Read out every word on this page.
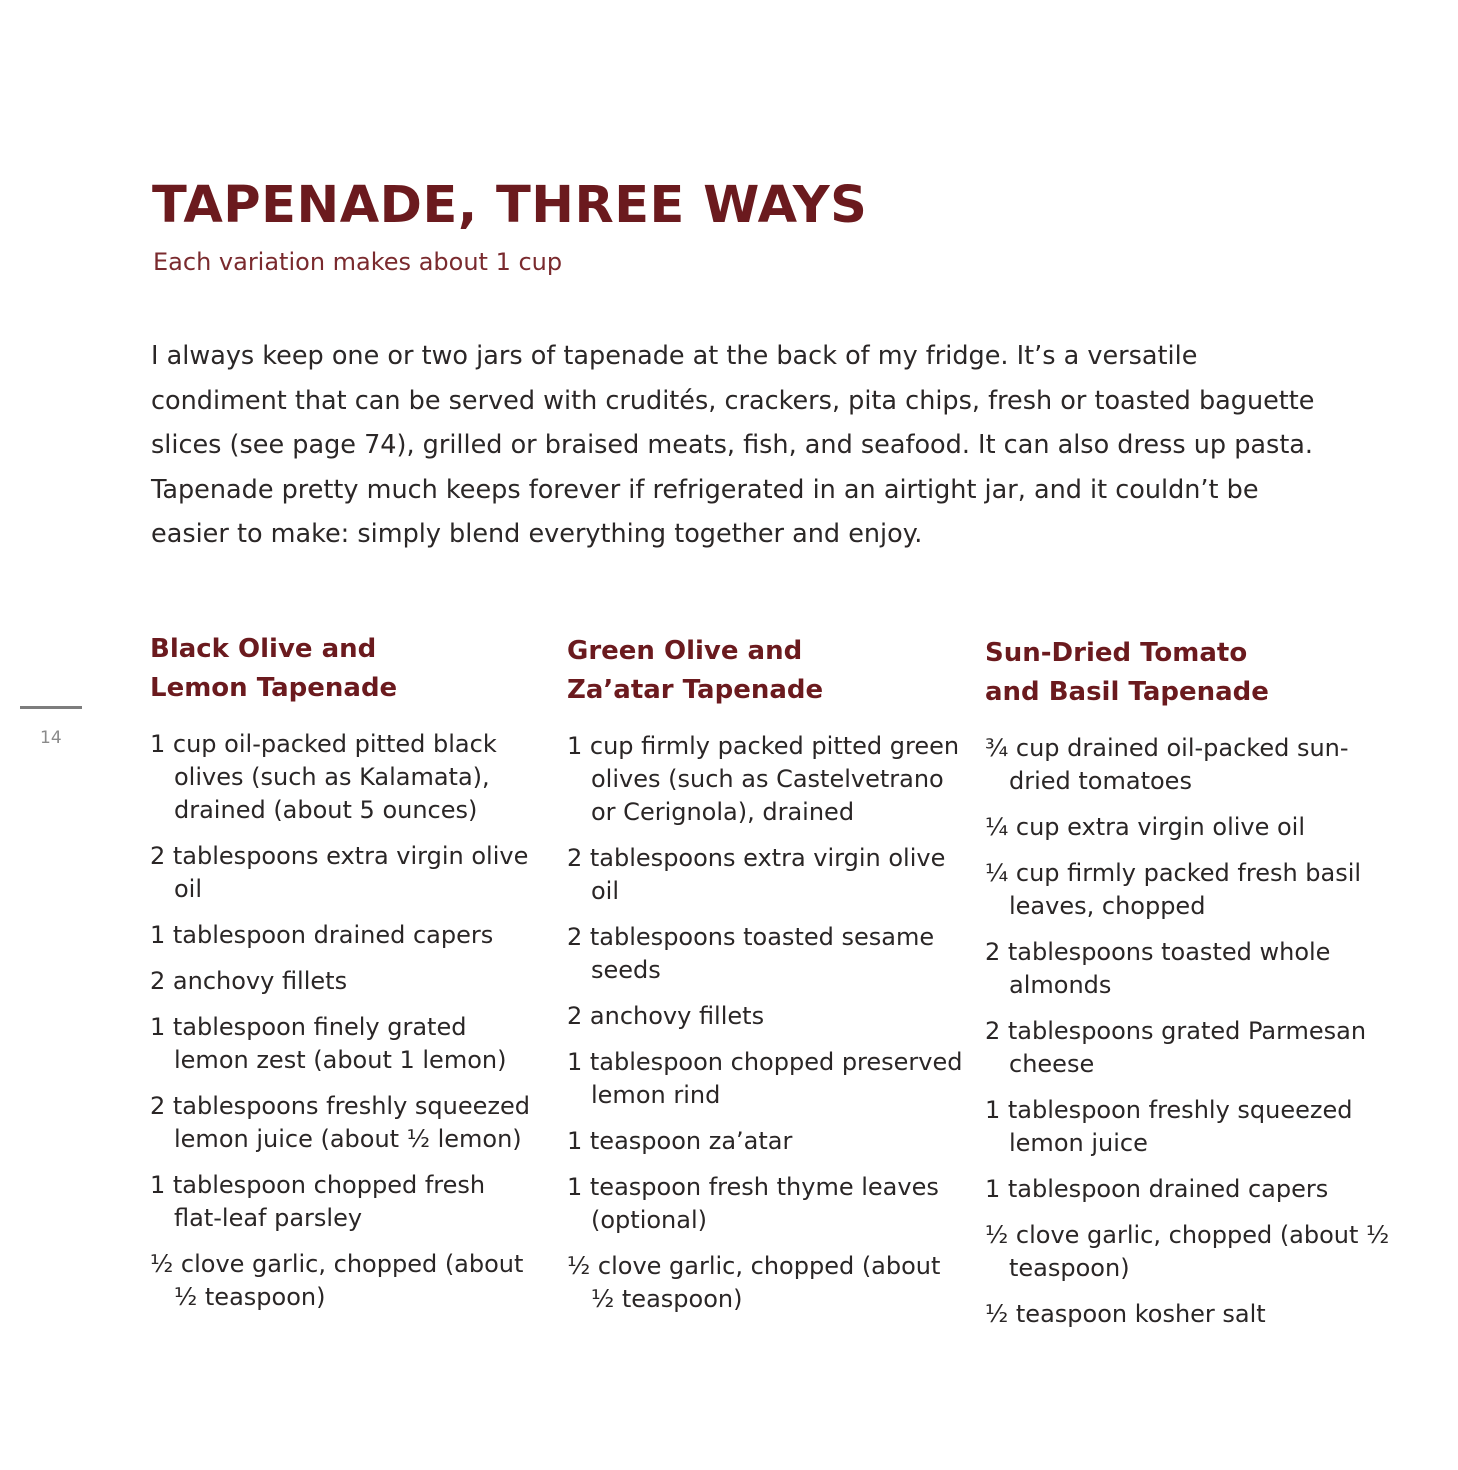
TAPENADE, THREE WAYS
Each variation makes about 1 cup

I always keep one or two jars of tapenade at the back of my fridge. It’s a versatile condiment that can be served with crudités, crackers, pita chips, fresh or toasted baguette slices (see page 74), grilled or braised meats, fish, and seafood. It can also dress up pasta. Tapenade pretty much keeps forever if refrigerated in an airtight jar, and it couldn’t be easier to make: simply blend everything together and enjoy.

14
Black Olive and
Lemon Tapenade
1 cup oil-packed pitted black olives (such as Kalamata), drained (about 5 ounces)
2 tablespoons extra virgin olive oil
1 tablespoon drained capers
2 anchovy fillets
1 tablespoon finely grated lemon zest (about 1 lemon)
2 tablespoons freshly squeezed lemon juice (about ½ lemon)
1 tablespoon chopped fresh flat-leaf parsley
½ clove garlic, chopped (about ½ teaspoon)
Green Olive and
Za’atar Tapenade
1 cup firmly packed pitted green olives (such as Castelvetrano or Cerignola), drained
2 tablespoons extra virgin olive oil
2 tablespoons toasted sesame seeds
2 anchovy fillets
1 tablespoon chopped preserved lemon rind
1 teaspoon za’atar
1 teaspoon fresh thyme leaves (optional)
½ clove garlic, chopped (about ½ teaspoon)
Sun-Dried Tomato
and Basil Tapenade
¾ cup drained oil-packed sun-dried tomatoes
¼ cup extra virgin olive oil
¼ cup firmly packed fresh basil leaves, chopped
2 tablespoons toasted whole almonds
2 tablespoons grated Parmesan cheese
1 tablespoon freshly squeezed lemon juice
1 tablespoon drained capers
½ clove garlic, chopped (about ½ teaspoon)
½ teaspoon kosher salt
